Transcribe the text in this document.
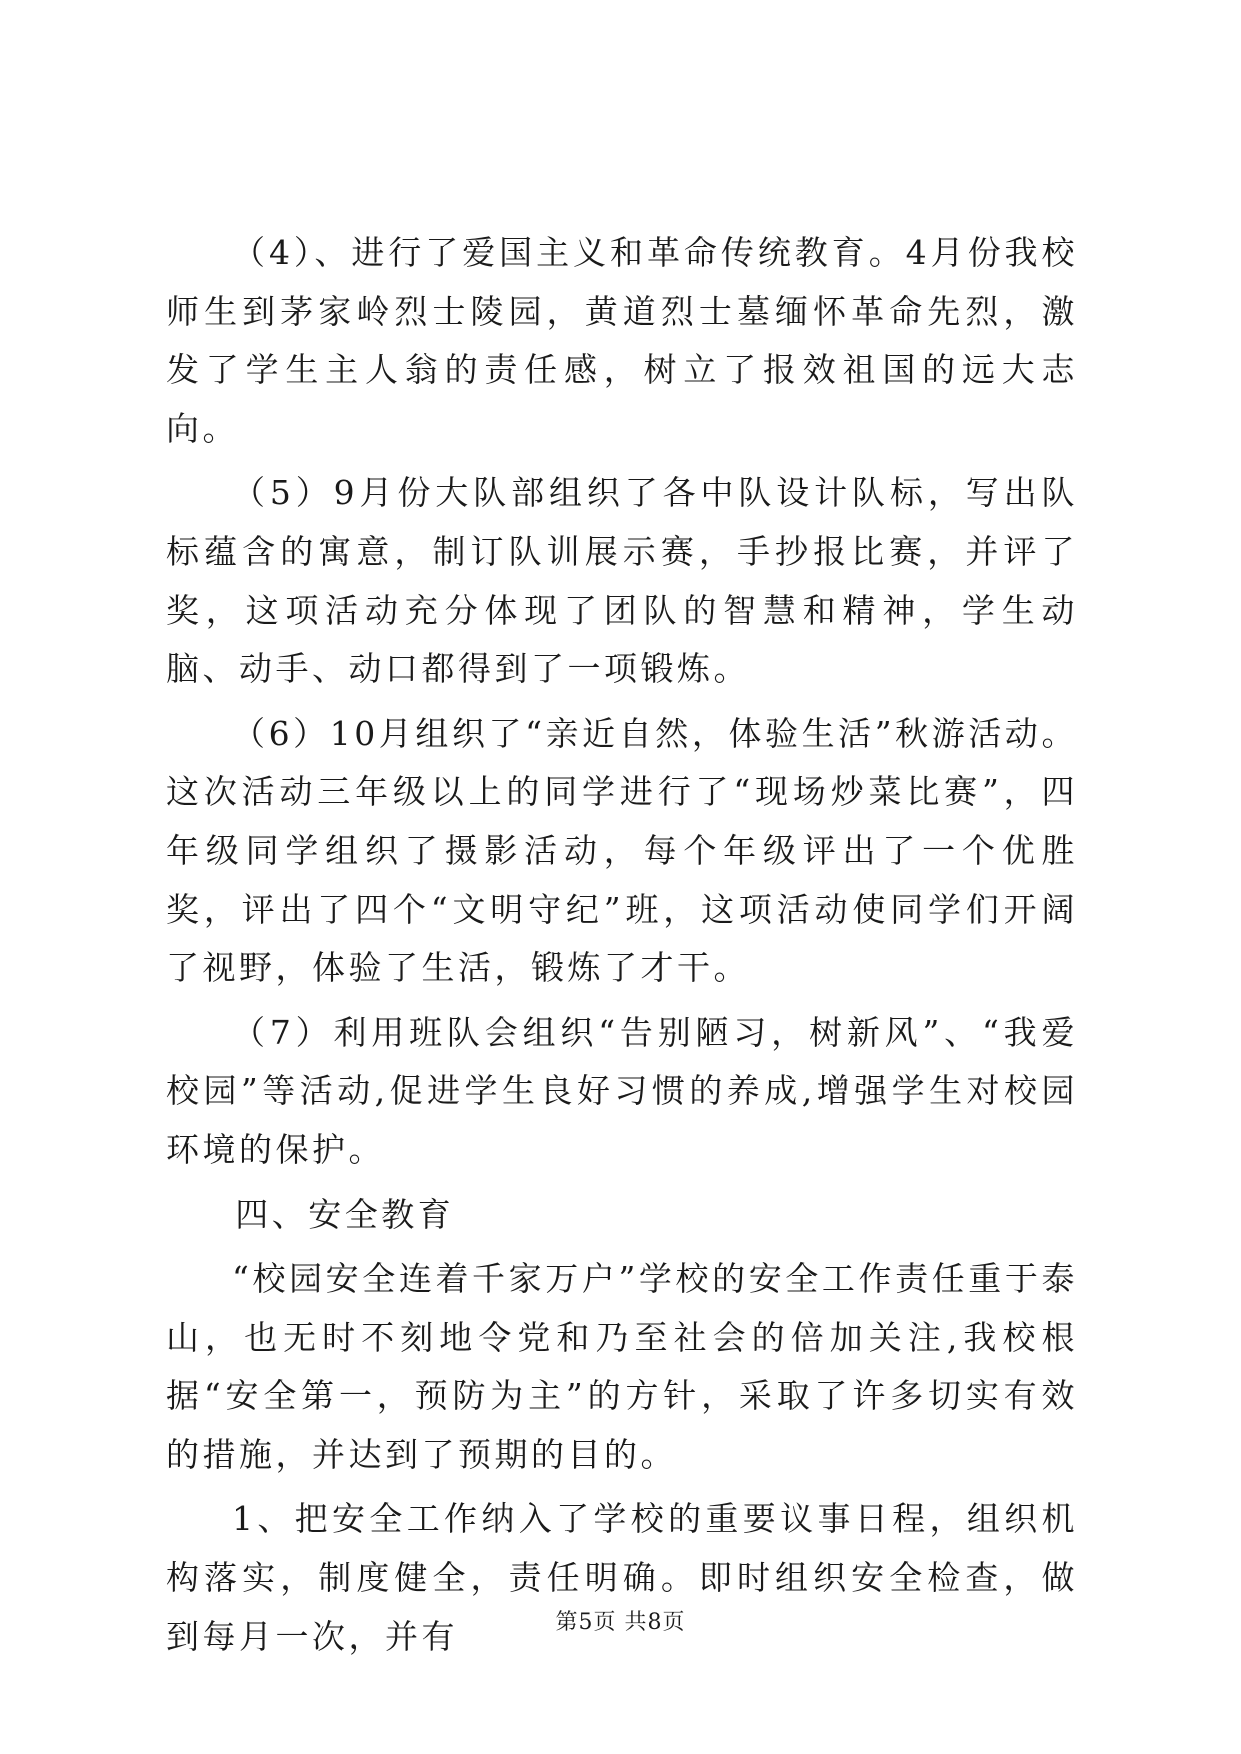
（4）、进行了爱国主义和革命传统教育。4月份我校师生到茅家岭烈士陵园，黄道烈士墓缅怀革命先烈，激发了学生主人翁的责任感，树立了报效祖国的远大志向。

（5）9月份大队部组织了各中队设计队标，写出队标蕴含的寓意，制订队训展示赛，手抄报比赛，并评了奖，这项活动充分体现了团队的智慧和精神，学生动脑、动手、动口都得到了一项锻炼。

（6）10月组织了“亲近自然，体验生活”秋游活动。这次活动三年级以上的同学进行了“现场炒菜比赛”，四年级同学组织了摄影活动，每个年级评出了一个优胜奖，评出了四个“文明守纪”班，这项活动使同学们开阔了视野，体验了生活，锻炼了才干。

（7）利用班队会组织“告别陋习，树新风”、“我爱校园”等活动,促进学生良好习惯的养成,增强学生对校园环境的保护。

四、安全教育

“校园安全连着千家万户”学校的安全工作责任重于泰山，也无时不刻地令党和乃至社会的倍加关注,我校根据“安全第一，预防为主”的方针，采取了许多切实有效的措施，并达到了预期的目的。

1、把安全工作纳入了学校的重要议事日程，组织机构落实，制度健全，责任明确。即时组织安全检查，做到每月一次，并有	第5页 共8页
